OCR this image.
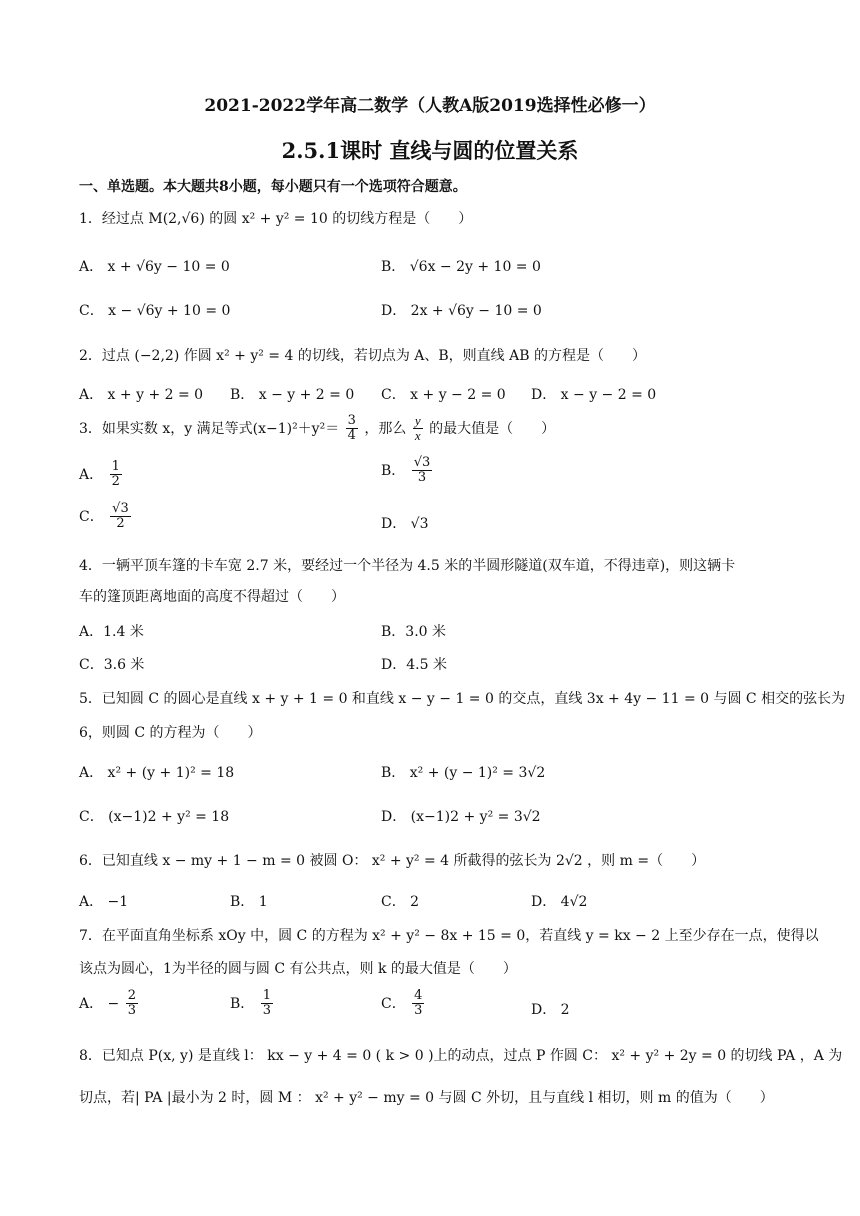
2021-2022学年高二数学（人教A版2019选择性必修一）
2.5.1课时 直线与圆的位置关系
一、单选题。本大题共8小题，每小题只有一个选项符合题意。
1．经过点 M(2,√6) 的圆 x² + y² = 10 的切线方程是（　　）
A． x + √6y − 10 = 0	B． √6x − 2y + 10 = 0
C． x − √6y + 10 = 0	D． 2x + √6y − 10 = 0
2．过点 (−2,2) 作圆 x² + y² = 4 的切线，若切点为 A、B，则直线 AB 的方程是（　　）
A． x + y + 2 = 0 B． x − y + 2 = 0 C． x + y − 2 = 0 D． x − y − 2 = 0
3．如果实数 x，y 满足等式$(x-1)^2+y^2= \frac{3}{4}$ ，那么 $\frac{y}{x}$ 的最大值是（　　）
A． $\frac{1}{2}$	B． $\frac{√3}{3}$
C． $\frac{√3}{2}$	D． √3
4．一辆平顶车篷的卡车宽 2.7 米，要经过一个半径为 4.5 米的半圆形隧道(双车道，不得违章)，则这辆卡
车的篷顶距离地面的高度不得超过（　　）
A．1.4 米	B．3.0 米
C．3.6 米	D．4.5 米
5．已知圆 C 的圆心是直线 x + y + 1 = 0 和直线 x − y − 1 = 0 的交点，直线 3x + 4y − 11 = 0 与圆 C 相交的弦长为
6，则圆 C 的方程为（　　）
A． x² + (y + 1)² = 18	B． x² + (y − 1)² = 3√2
C． (x−1)2 + y² = 18	D． (x−1)2 + y² = 3√2
6．已知直线 x − my + 1 − m = 0 被圆 O： x² + y² = 4 所截得的弦长为 2√2 ，则 m =（　　）
A． −1	B． 1	C． 2	D． 4√2
7．在平面直角坐标系 xOy 中，圆 C 的方程为 x² + y² − 8x + 15 = 0，若直线 y = kx − 2 上至少存在一点，使得以
该点为圆心，1为半径的圆与圆 C 有公共点，则 k 的最大值是（　　）
A． − $\frac{2}{3}$	B． $\frac{1}{3}$	C． $\frac{4}{3}$	D． 2
8．已知点 P(x, y) 是直线 l： kx − y + 4 = 0 ( k > 0 )上的动点，过点 P 作圆 C： x² + y² + 2y = 0 的切线 PA ，A 为
切点，若| PA |最小为 2 时，圆 M ： x² + y² − my = 0 与圆 C 外切，且与直线 l 相切，则 m 的值为（　　）
